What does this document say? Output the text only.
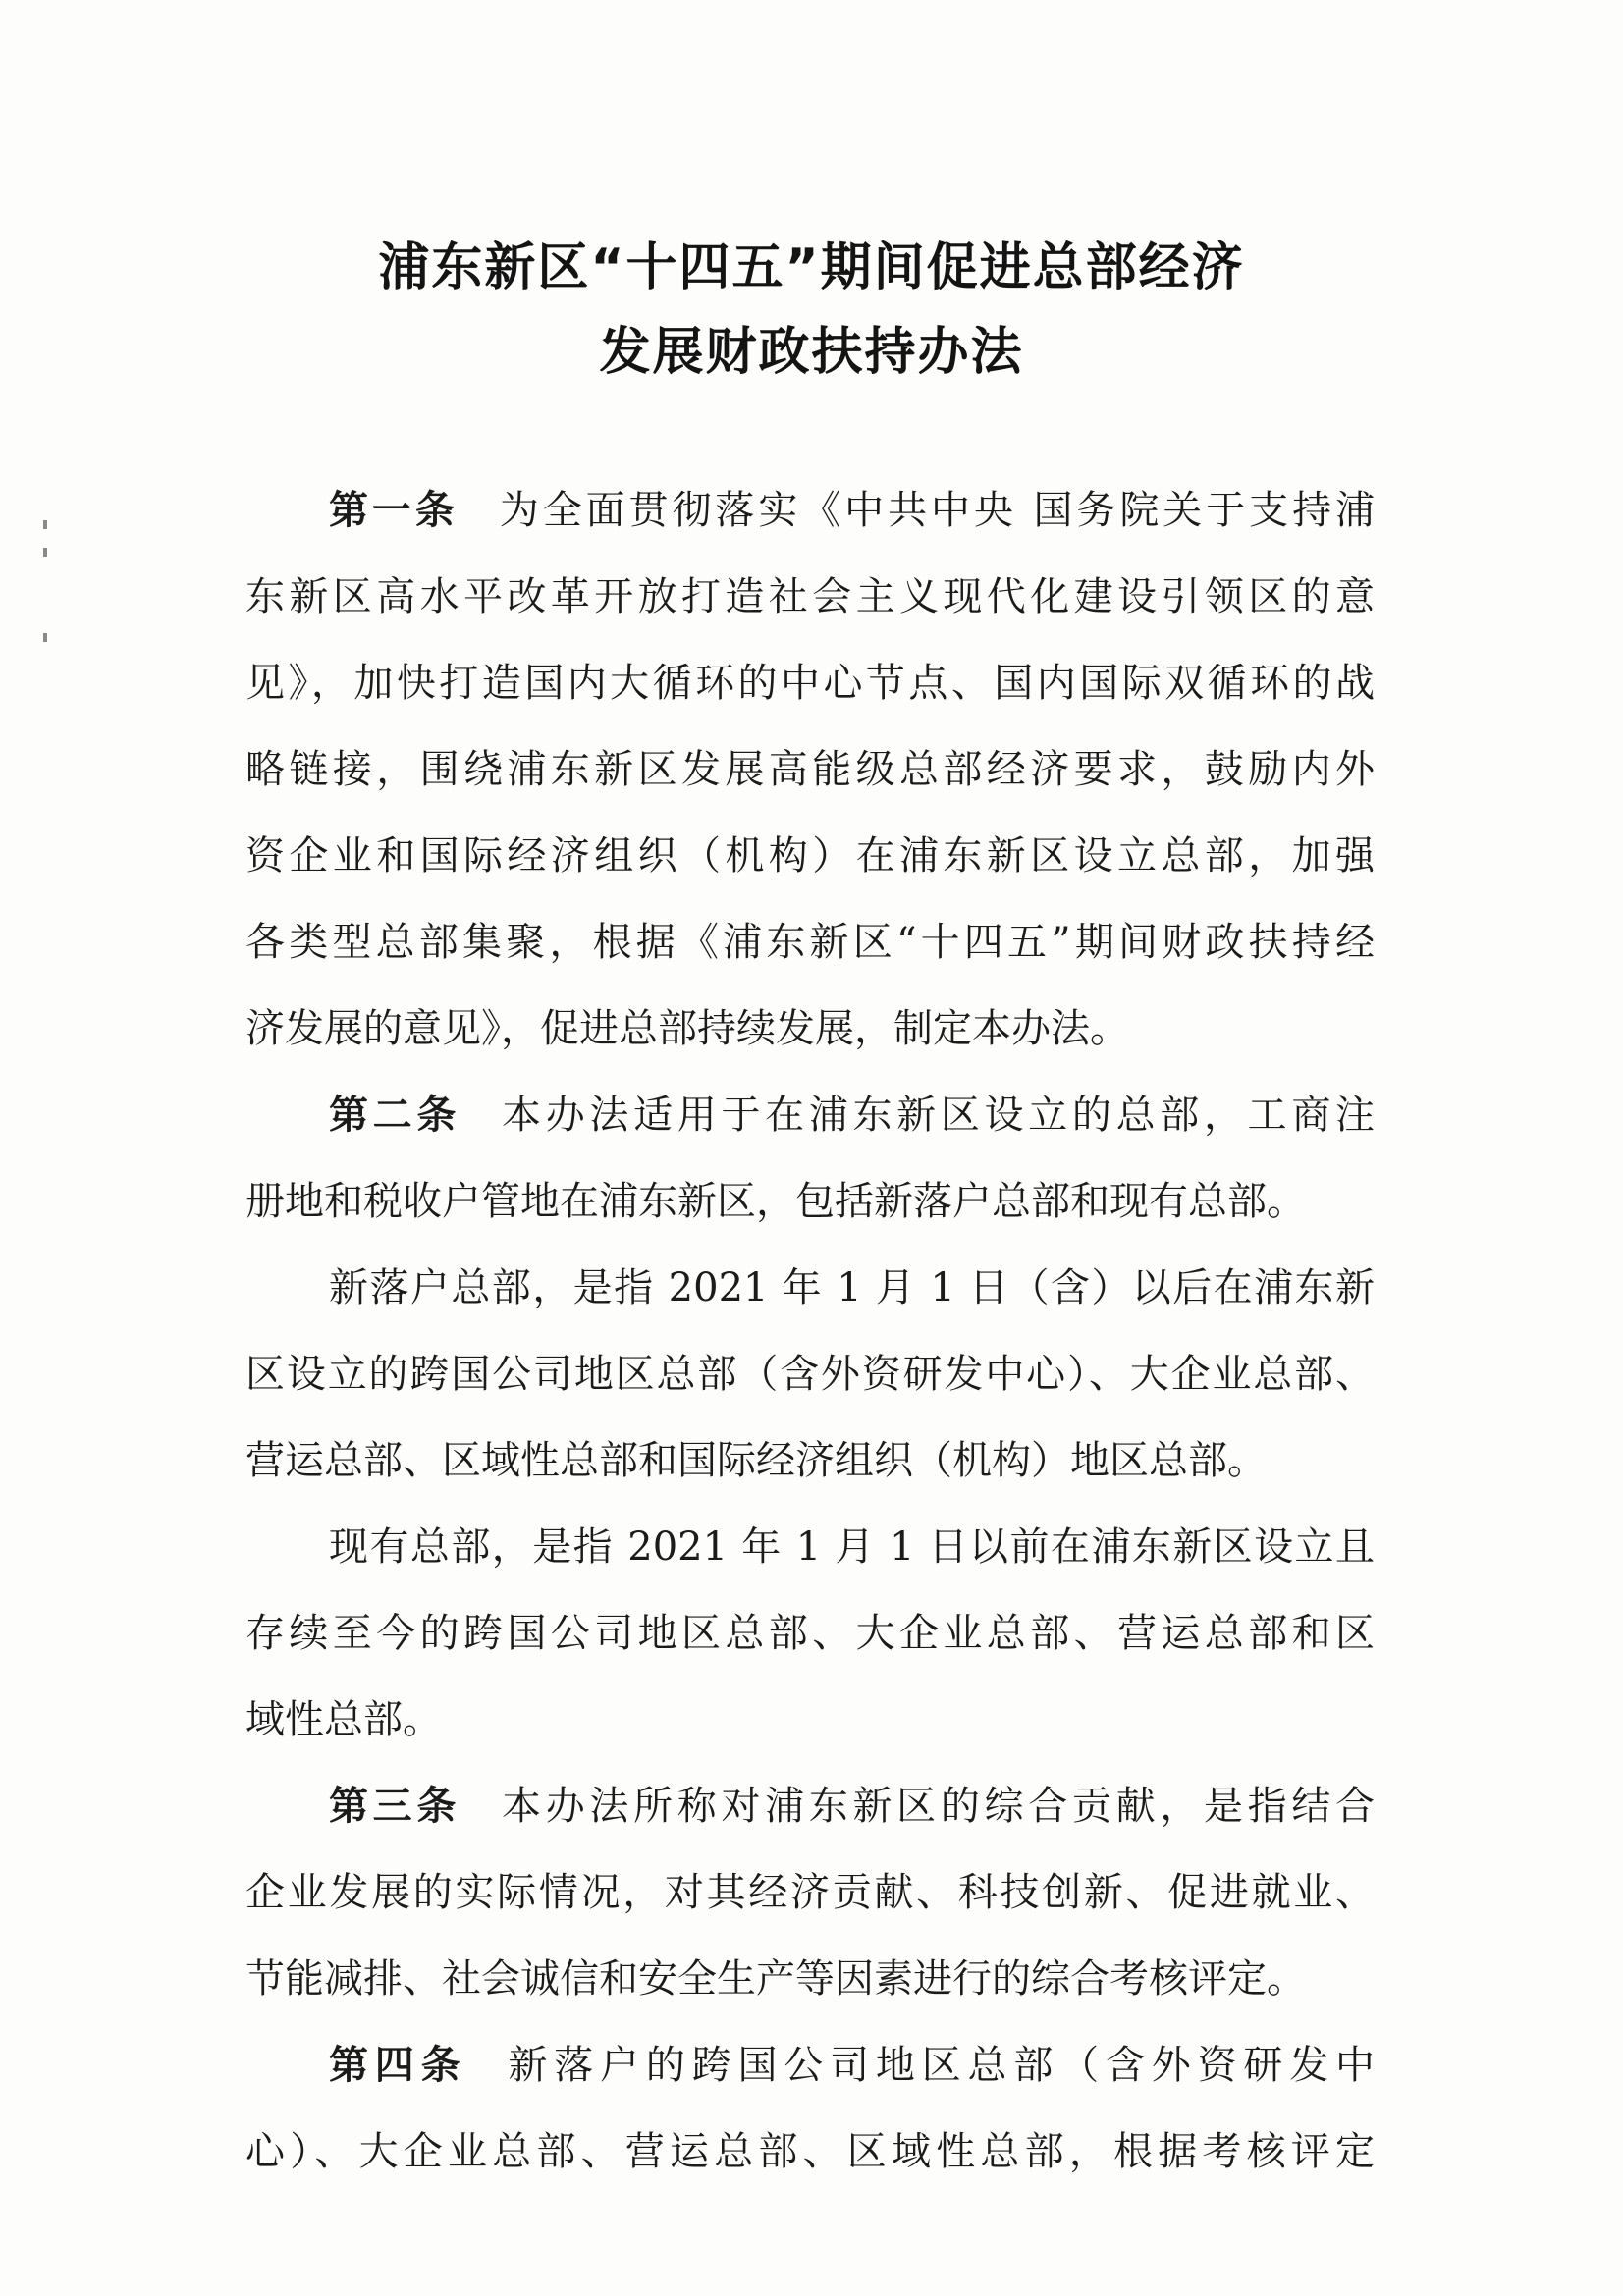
浦东新区“十四五”期间促进总部经济
发展财政扶持办法
第一条 为全面贯彻落实《中共中央 国务院关于支持浦
东新区高水平改革开放打造社会主义现代化建设引领区的意
见》，加快打造国内大循环的中心节点、国内国际双循环的战
略链接，围绕浦东新区发展高能级总部经济要求，鼓励内外
资企业和国际经济组织（机构）在浦东新区设立总部，加强
各类型总部集聚，根据《浦东新区“十四五”期间财政扶持经
济发展的意见》，促进总部持续发展，制定本办法。
第二条 本办法适用于在浦东新区设立的总部，工商注
册地和税收户管地在浦东新区，包括新落户总部和现有总部。
新落户总部，是指 2021 年 1 月 1 日（含）以后在浦东新
区设立的跨国公司地区总部（含外资研发中心）、大企业总部、
营运总部、区域性总部和国际经济组织（机构）地区总部。
现有总部，是指 2021 年 1 月 1 日以前在浦东新区设立且
存续至今的跨国公司地区总部、大企业总部、营运总部和区
域性总部。
第三条 本办法所称对浦东新区的综合贡献，是指结合
企业发展的实际情况，对其经济贡献、科技创新、促进就业、
节能减排、社会诚信和安全生产等因素进行的综合考核评定。
第四条 新落户的跨国公司地区总部（含外资研发中
心）、大企业总部、营运总部、区域性总部，根据考核评定
